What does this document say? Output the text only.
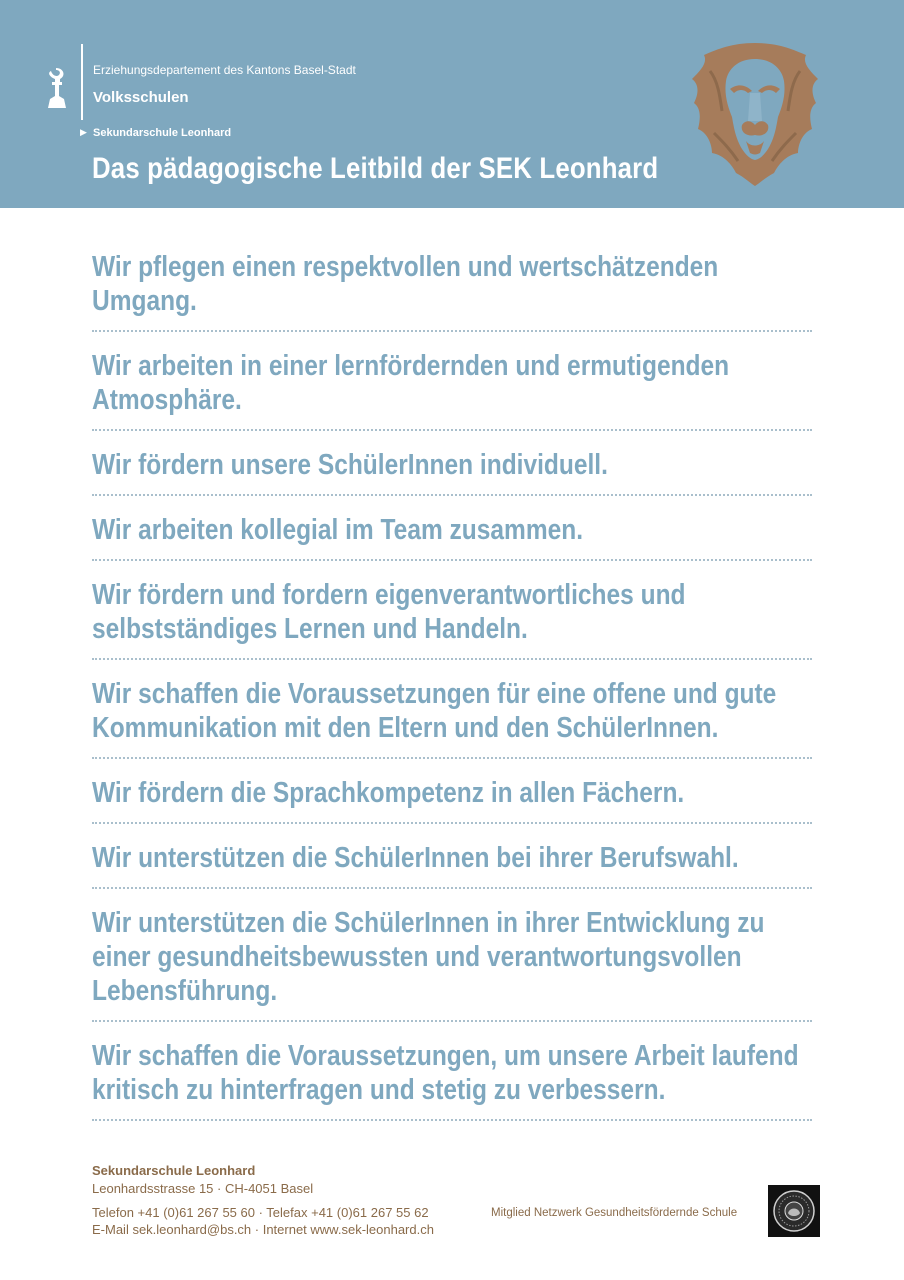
Erziehungsdepartement des Kantons Basel-Stadt
Volksschulen
▶ Sekundarschule Leonhard
Das pädagogische Leitbild der SEK Leonhard
Wir pflegen einen respektvollen und wertschätzenden Umgang.
Wir arbeiten in einer lernfördernden und ermutigenden Atmosphäre.
Wir fördern unsere SchülerInnen individuell.
Wir arbeiten kollegial im Team zusammen.
Wir fördern und fordern eigenverantwortliches und selbstständiges Lernen und Handeln.
Wir schaffen die Voraussetzungen für eine offene und gute Kommunikation mit den Eltern und den SchülerInnen.
Wir fördern die Sprachkompetenz in allen Fächern.
Wir unterstützen die SchülerInnen bei ihrer Berufswahl.
Wir unterstützen die SchülerInnen in ihrer Entwicklung zu einer gesundheitsbewussten und verantwortungsvollen Lebensführung.
Wir schaffen die Voraussetzungen, um unsere Arbeit laufend kritisch zu hinterfragen und stetig zu verbessern.
Sekundarschule Leonhard
Leonhardsstrasse 15 · CH-4051 Basel
Telefon +41 (0)61 267 55 60 · Telefax +41 (0)61 267 55 62
E-Mail sek.leonhard@bs.ch · Internet www.sek-leonhard.ch
Mitglied Netzwerk Gesundheitsfördernde Schule
